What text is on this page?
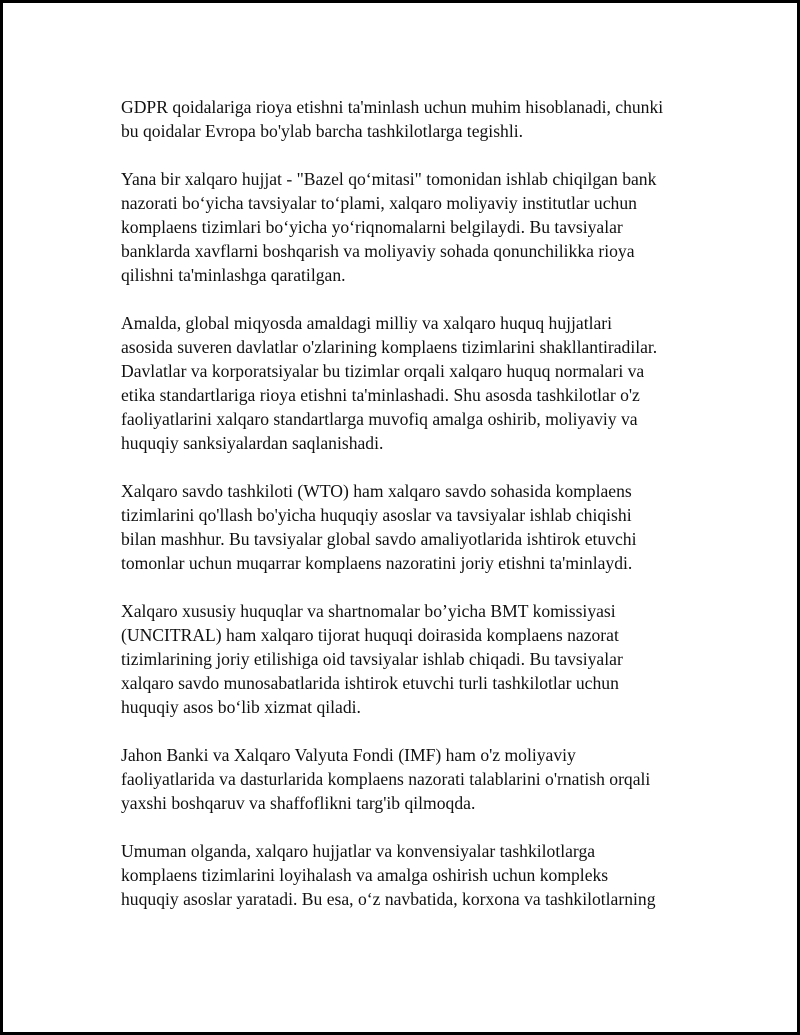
GDPR qoidalariga rioya etishni ta'minlash uchun muhim hisoblanadi, chunki
bu qoidalar Evropa bo'ylab barcha tashkilotlarga tegishli.

Yana bir xalqaro hujjat - "Bazel qo‘mitasi" tomonidan ishlab chiqilgan bank
nazorati bo‘yicha tavsiyalar to‘plami, xalqaro moliyaviy institutlar uchun
komplaens tizimlari bo‘yicha yo‘riqnomalarni belgilaydi. Bu tavsiyalar
banklarda xavflarni boshqarish va moliyaviy sohada qonunchilikka rioya
qilishni ta'minlashga qaratilgan.

Amalda, global miqyosda amaldagi milliy va xalqaro huquq hujjatlari
asosida suveren davlatlar o'zlarining komplaens tizimlarini shakllantiradilar.
Davlatlar va korporatsiyalar bu tizimlar orqali xalqaro huquq normalari va
etika standartlariga rioya etishni ta'minlashadi. Shu asosda tashkilotlar o'z
faoliyatlarini xalqaro standartlarga muvofiq amalga oshirib, moliyaviy va
huquqiy sanksiyalardan saqlanishadi.

Xalqaro savdo tashkiloti (WTO) ham xalqaro savdo sohasida komplaens
tizimlarini qo'llash bo'yicha huquqiy asoslar va tavsiyalar ishlab chiqishi
bilan mashhur. Bu tavsiyalar global savdo amaliyotlarida ishtirok etuvchi
tomonlar uchun muqarrar komplaens nazoratini joriy etishni ta'minlaydi.

Xalqaro xususiy huquqlar va shartnomalar bo’yicha BMT komissiyasi
(UNCITRAL) ham xalqaro tijorat huquqi doirasida komplaens nazorat
tizimlarining joriy etilishiga oid tavsiyalar ishlab chiqadi. Bu tavsiyalar
xalqaro savdo munosabatlarida ishtirok etuvchi turli tashkilotlar uchun
huquqiy asos bo‘lib xizmat qiladi.

Jahon Banki va Xalqaro Valyuta Fondi (IMF) ham o'z moliyaviy
faoliyatlarida va dasturlarida komplaens nazorati talablarini o'rnatish orqali
yaxshi boshqaruv va shaffoflikni targ'ib qilmoqda.

Umuman olganda, xalqaro hujjatlar va konvensiyalar tashkilotlarga
komplaens tizimlarini loyihalash va amalga oshirish uchun kompleks
huquqiy asoslar yaratadi. Bu esa, o‘z navbatida, korxona va tashkilotlarning
